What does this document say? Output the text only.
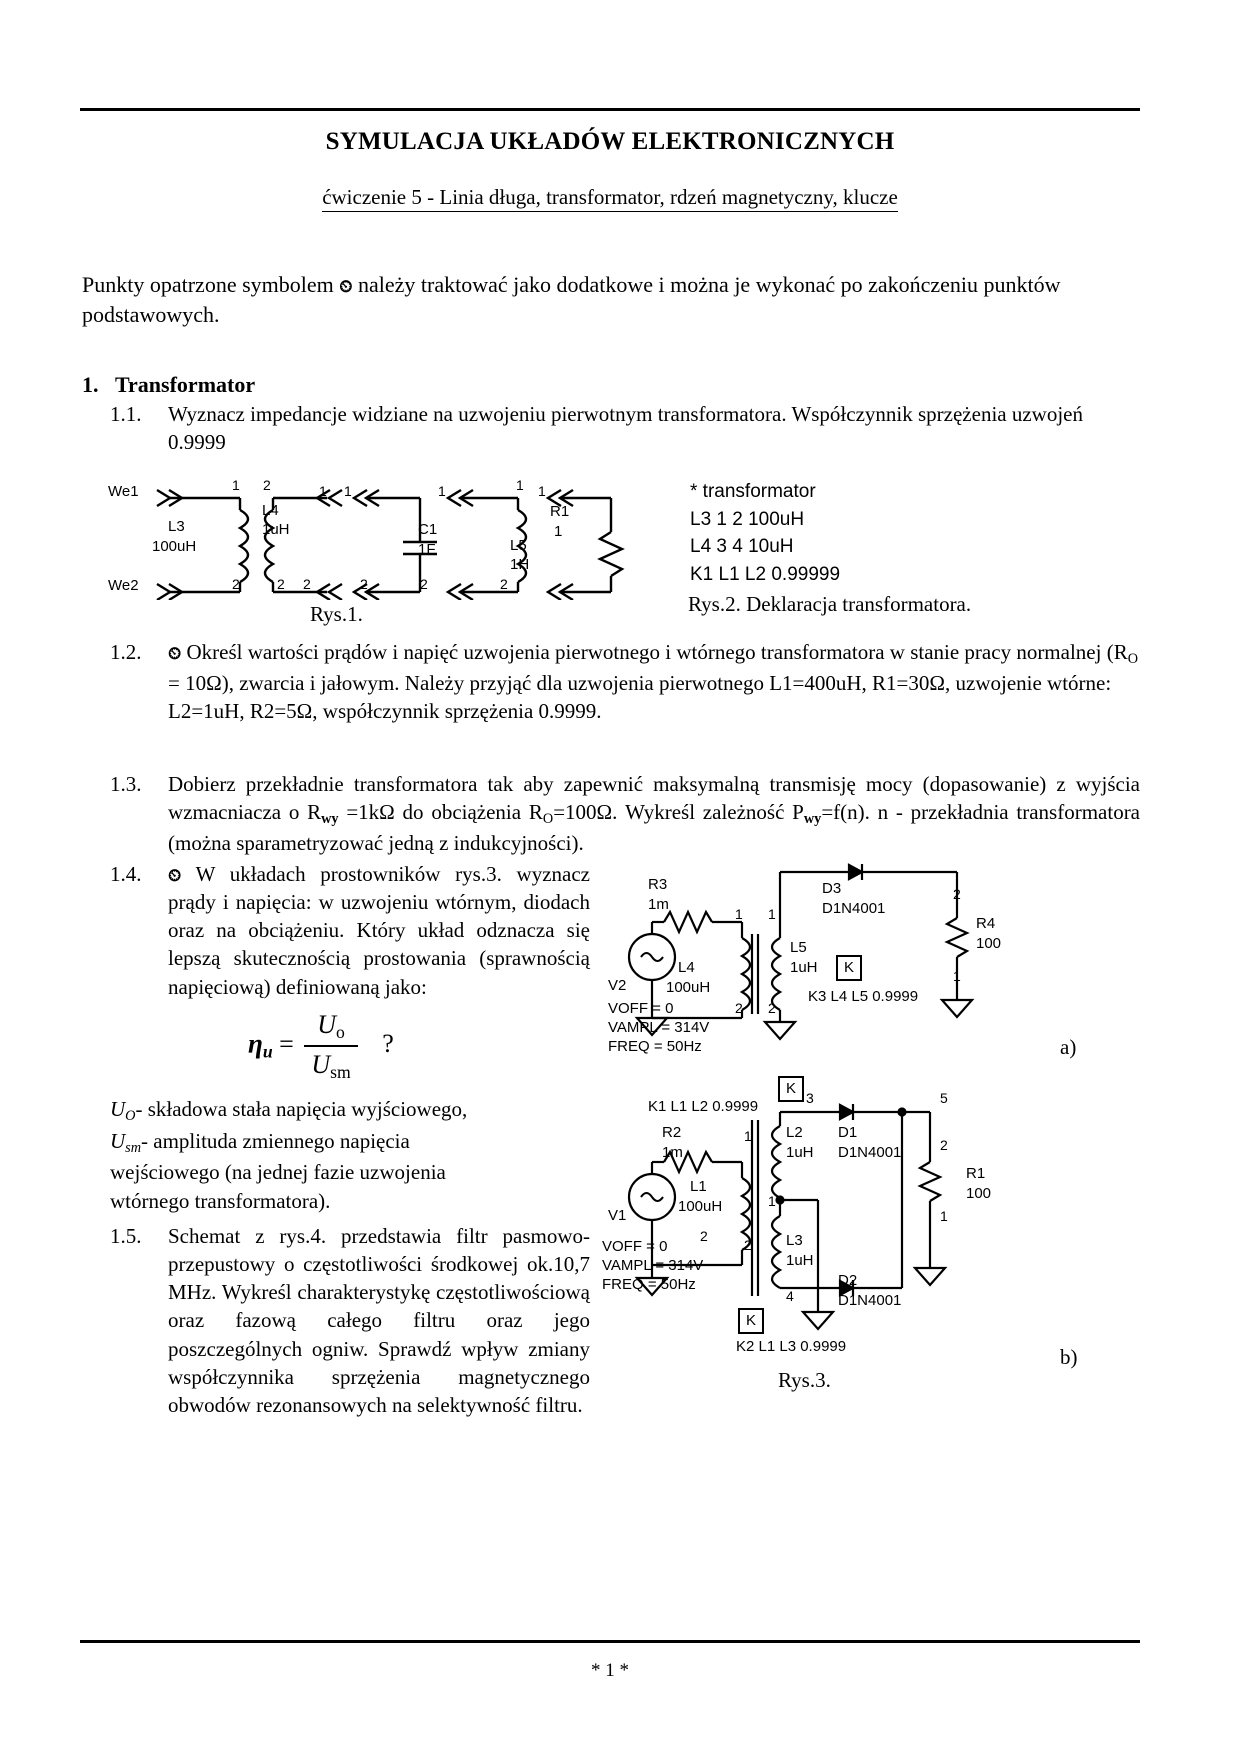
SYMULACJA UKŁADÓW ELEKTRONICZNYCH
ćwiczenie 5 - Linia długa, transformator, rdzeń magnetyczny, klucze
Punkty opatrzone symbolem ⏲ należy traktować jako dodatkowe i można je wykonać po zakończeniu punktów podstawowych.
1. Transformator
1.1.	Wyznacz impedancje widziane na uzwojeniu pierwotnym transformatora. Współczynnik sprzężenia uzwojeń 0.9999
We1
We2
L3
100uH
L4
1uH	C1
1F	L5
1H
R1
1
1 2	1 1	1	1 1
2	2 2	2	2	2
Rys.1.
* transformator
L3 1 2 100uH
L4 3 4 10uH
K1 L1 L2 0.99999
Rys.2. Deklaracja transformatora.
1.2.	⏲ Określ wartości prądów i napięć uzwojenia pierwotnego i wtórnego transformatora w stanie pracy normalnej $(R_O = 10\Omega)$, zwarcia i jałowym. Należy przyjąć dla uzwojenia pierwotnego L1=400uH, R1=30Ω, uzwojenie wtórne: L2=1uH, R2=5Ω, współczynnik sprzężenia 0.9999.
1.3.	Dobierz przekładnie transformatora tak aby zapewnić maksymalną transmisję mocy (dopasowanie) z wyjścia wzmacniacza o Rwy =1kΩ do obciążenia $R_O=100\Omega$. Wykreśl zależność Pwy=f(n). n - przekładnia transformatora (można sparametryzować jedną z indukcyjności).
1.4.	⏲ W układach prostowników rys.3. wyznacz prądy i napięcia: w uzwojeniu wtórnym, diodach oraz na obciążeniu. Który układ odznacza się lepszą skutecznością prostowania (sprawnością napięciową) definiowaną jako:
$\eta u = \frac{U_o}{U_{sm}}$ ?
$U_O-$ składowa stała napięcia wyjściowego,
$U_{sm}-$ amplituda zmiennego napięcia
wejściowego (na jednej fazie uzwojenia
wtórnego transformatora).
1.5.	Schemat z rys.4. przedstawia filtr pasmowo-przepustowy o częstotliwości środkowej ok.10,7 MHz. Wykreśl charakterystykę częstotliwościową oraz fazową całego filtru oraz jego poszczególnych ogniw. Sprawdź wpływ zmiany współczynnika sprzężenia magnetycznego obwodów rezonansowych na selektywność filtru.
R3
1m
L4
100uH
L5
1uH
D3
D1N4001
R4
100
V2
K
K3 L4 L5 0.9999
VOFF = 0
VAMPL = 314V
FREQ = 50Hz
1 1
2
2 2
1
a)
K
K1 L1 L2 0.9999
R2
1m
L1
100uH
L2
1uH
L3
1uH
D1
D1N4001
D2
D1N4001
R1
100
V1
VOFF = 0
VAMPL = 314V
FREQ = 50Hz
K
K2 L1 L3 0.9999
1
2
3	5
2
1
1
2
4
b)
Rys.3.
* 1 *
